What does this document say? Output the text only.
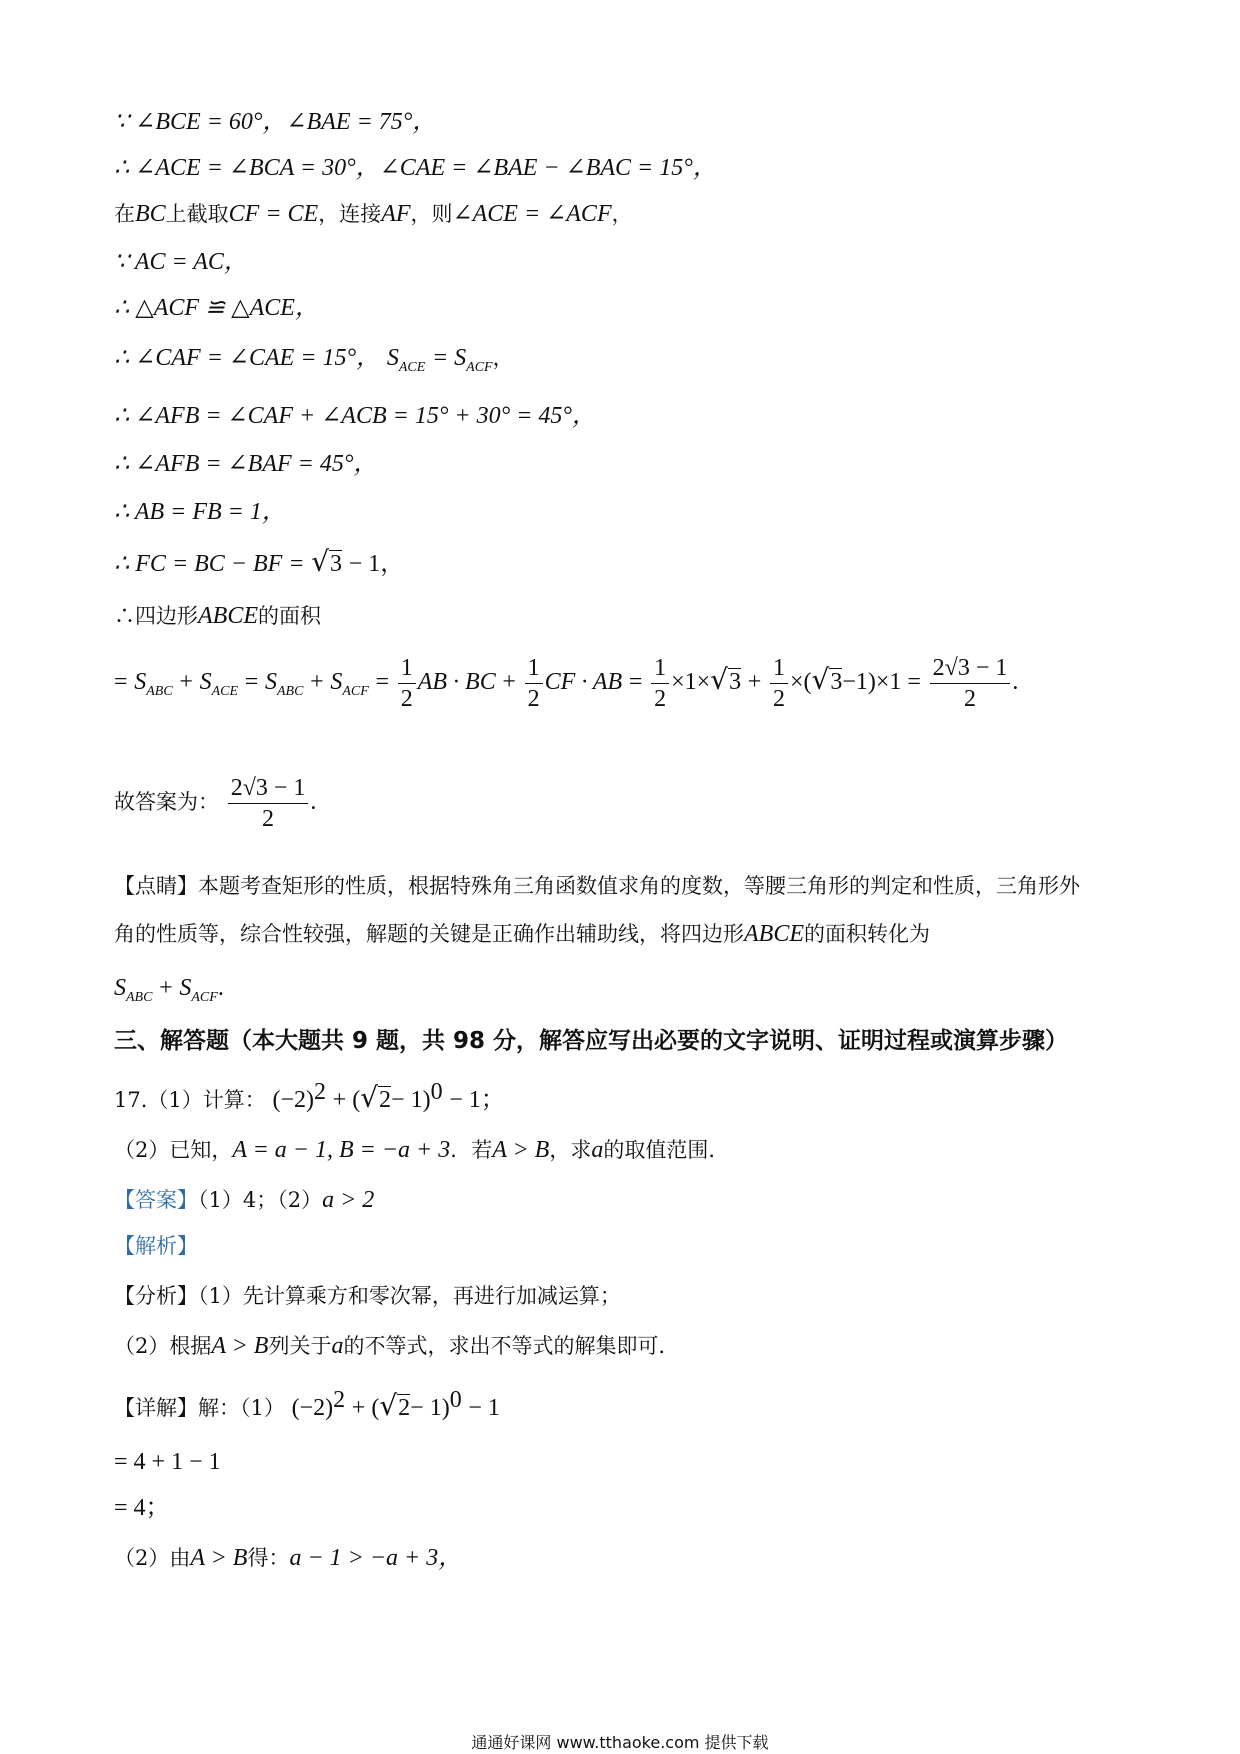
∵ ∠BCE = 60°，∠BAE = 75°，
∴ ∠ACE = ∠BCA = 30°，∠CAE = ∠BAE − ∠BAC = 15°，
在BC上截取CF = CE，连接AF，则∠ACE = ∠ACF，
∵ AC = AC，
∴ △ACF ≌ △ACE，
∴ ∠CAF = ∠CAE = 15°， $S_{ACE} = S_{ACF}$，
∴ ∠AFB = ∠CAF + ∠ACB = 15° + 30° = 45°，
∴ ∠AFB = ∠BAF = 45°，
∴ AB = FB = 1，
∴ FC = BC − BF = √3 − 1，
∴四边形ABCE的面积
= $S_{ABC} + S_{ACE} = S_{ABC} + S_{ACF} = \frac{1}{2}$ AB · BC + $\frac{1}{2}$ CF · AB = $\frac{1}{2} \times 1\times√3 + \frac{1}{2} \times(√3-1)\times 1 = \frac{2√3 - 1}{2}$ .
故答案为： $\frac{2√3 - 1}{2}$ .
【点睛】本题考查矩形的性质，根据特殊角三角函数值求角的度数，等腰三角形的判定和性质，三角形外
角的性质等，综合性较强，解题的关键是正确作出辅助线，将四边形ABCE的面积转化为
$S_{ABC} + S_{ACF}$.
三、解答题（本大题共 9 题，共 98 分，解答应写出必要的文字说明、证明过程或演算步骤）
17.（1）计算： $(-2)^2 + (√2- 1)^0 - 1$；
（2）已知，A = a − 1, B = −a + 3．若A > B，求a的取值范围．
【答案】（1）4；（2）a > 2
【解析】
【分析】（1）先计算乘方和零次幂，再进行加减运算；
（2）根据A > B列关于a的不等式，求出不等式的解集即可．
【详解】解：（1） $(-2)^2 + (√2- 1)^0 - 1$
= 4 + 1 − 1
= 4；
（2）由A > B得：a − 1 > −a + 3，
通通好课网 www.tthaoke.com 提供下载
